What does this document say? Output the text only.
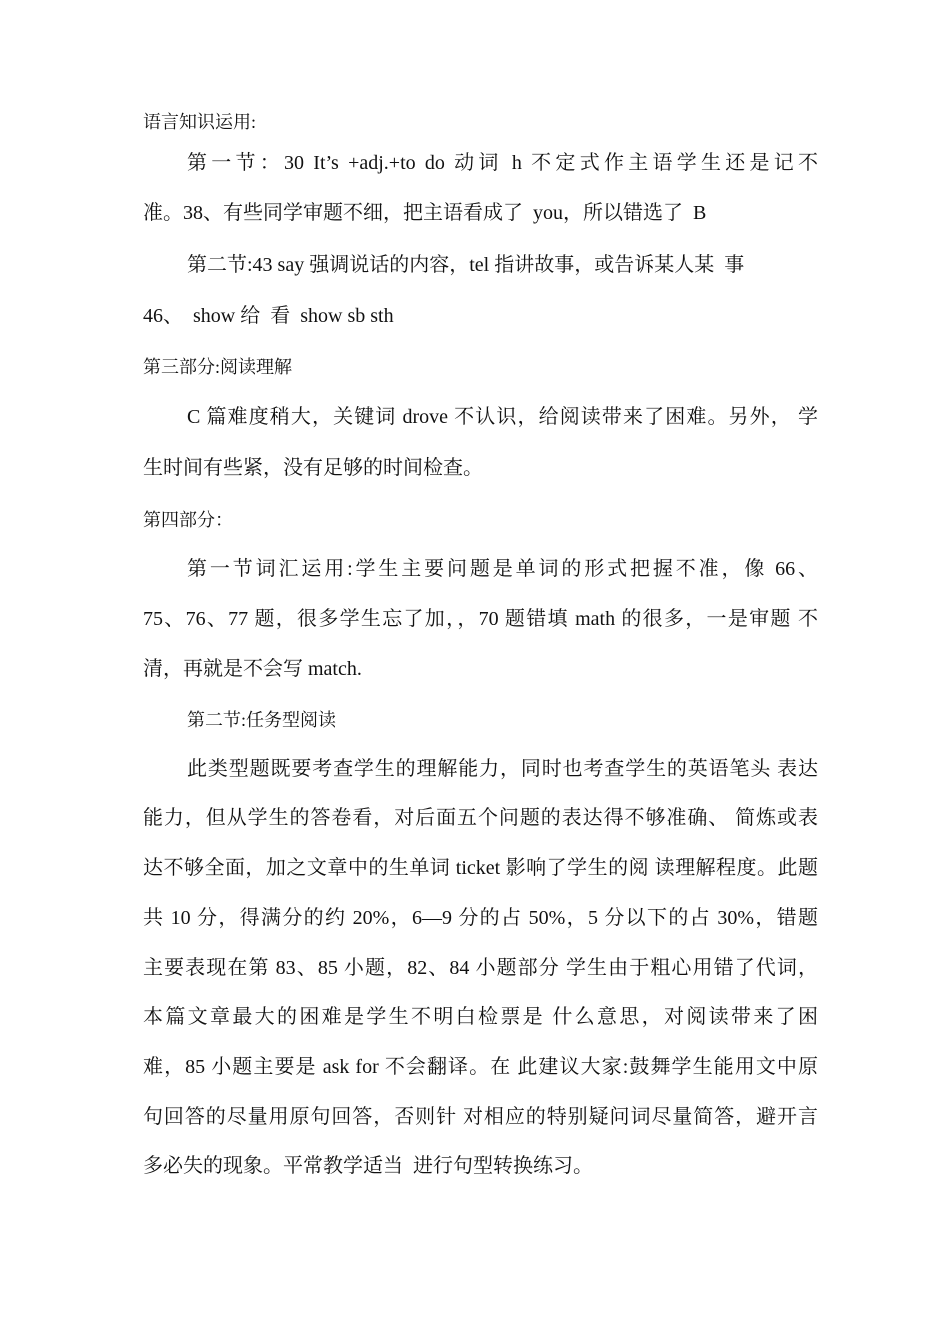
语言知识运用:
第一节：30 It’s +adj.+to do 动词 h 不定式作主语学生还是记不
准。38、有些同学审题不细，把主语看成了  you，所以错选了  B
第二节:43 say 强调说话的内容，tel 指讲故事，或告诉某人某  事
46、  show 给  看  show sb sth
第三部分:阅读理解
C 篇难度稍大，关键词 drove 不认识，给阅读带来了困难。另外， 学
生时间有些紧，没有足够的时间检查。
第四部分：
第一节词汇运用:学生主要问题是单词的形式把握不准，像 66、
75、76、77 题，很多学生忘了加，，70 题错填 math 的很多，一是审题 不
清，再就是不会写 match.
第二节:任务型阅读
此类型题既要考查学生的理解能力，同时也考查学生的英语笔头 表达
能力，但从学生的答卷看，对后面五个问题的表达得不够准确、 简炼或表
达不够全面，加之文章中的生单词 ticket 影响了学生的阅 读理解程度。此题
共 10 分，得满分的约 20%，6—9 分的占 50%，5 分以下的占 30%，错题
主要表现在第 83、85 小题，82、84 小题部分 学生由于粗心用错了代词，
本篇文章最大的困难是学生不明白检票是 什么意思，对阅读带来了困
难，85 小题主要是 ask for 不会翻译。在 此建议大家:鼓舞学生能用文中原
句回答的尽量用原句回答，否则针 对相应的特别疑问词尽量简答，避开言
多必失的现象。平常教学适当  进行句型转换练习。
